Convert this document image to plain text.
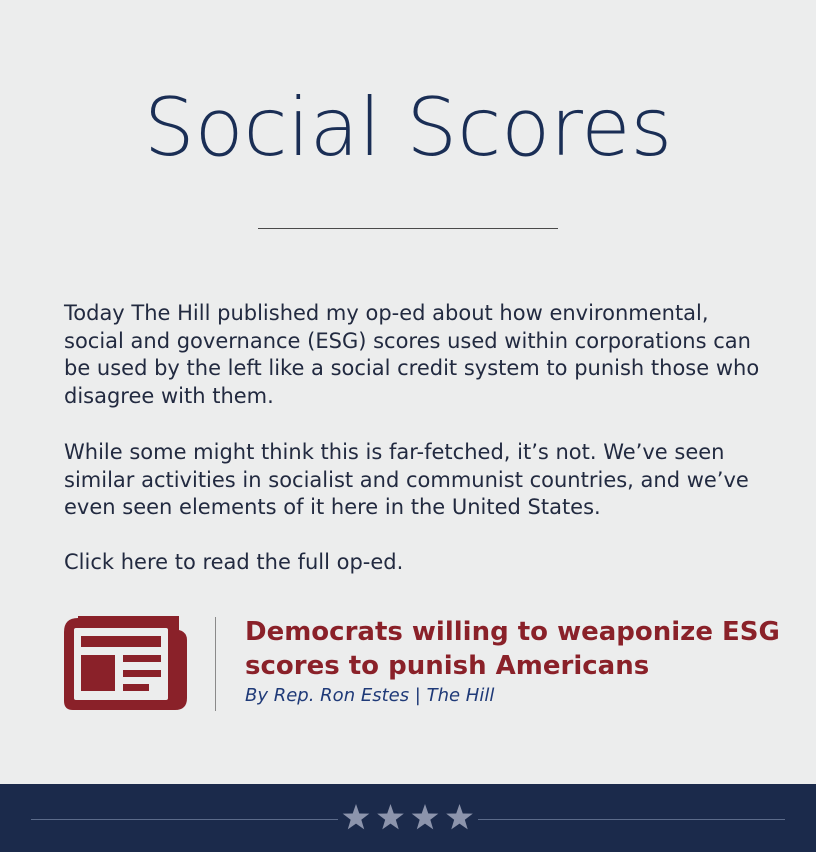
Social Scores

Today The Hill published my op-ed about how environmental, social and governance (ESG) scores used within corporations can be used by the left like a social credit system to punish those who disagree with them.

While some might think this is far-fetched, it’s not. We’ve seen similar activities in socialist and communist countries, and we’ve even seen elements of it here in the United States.

Click here to read the full op-ed.

Democrats willing to weaponize ESG scores to punish Americans

By Rep. Ron Estes | The Hill
